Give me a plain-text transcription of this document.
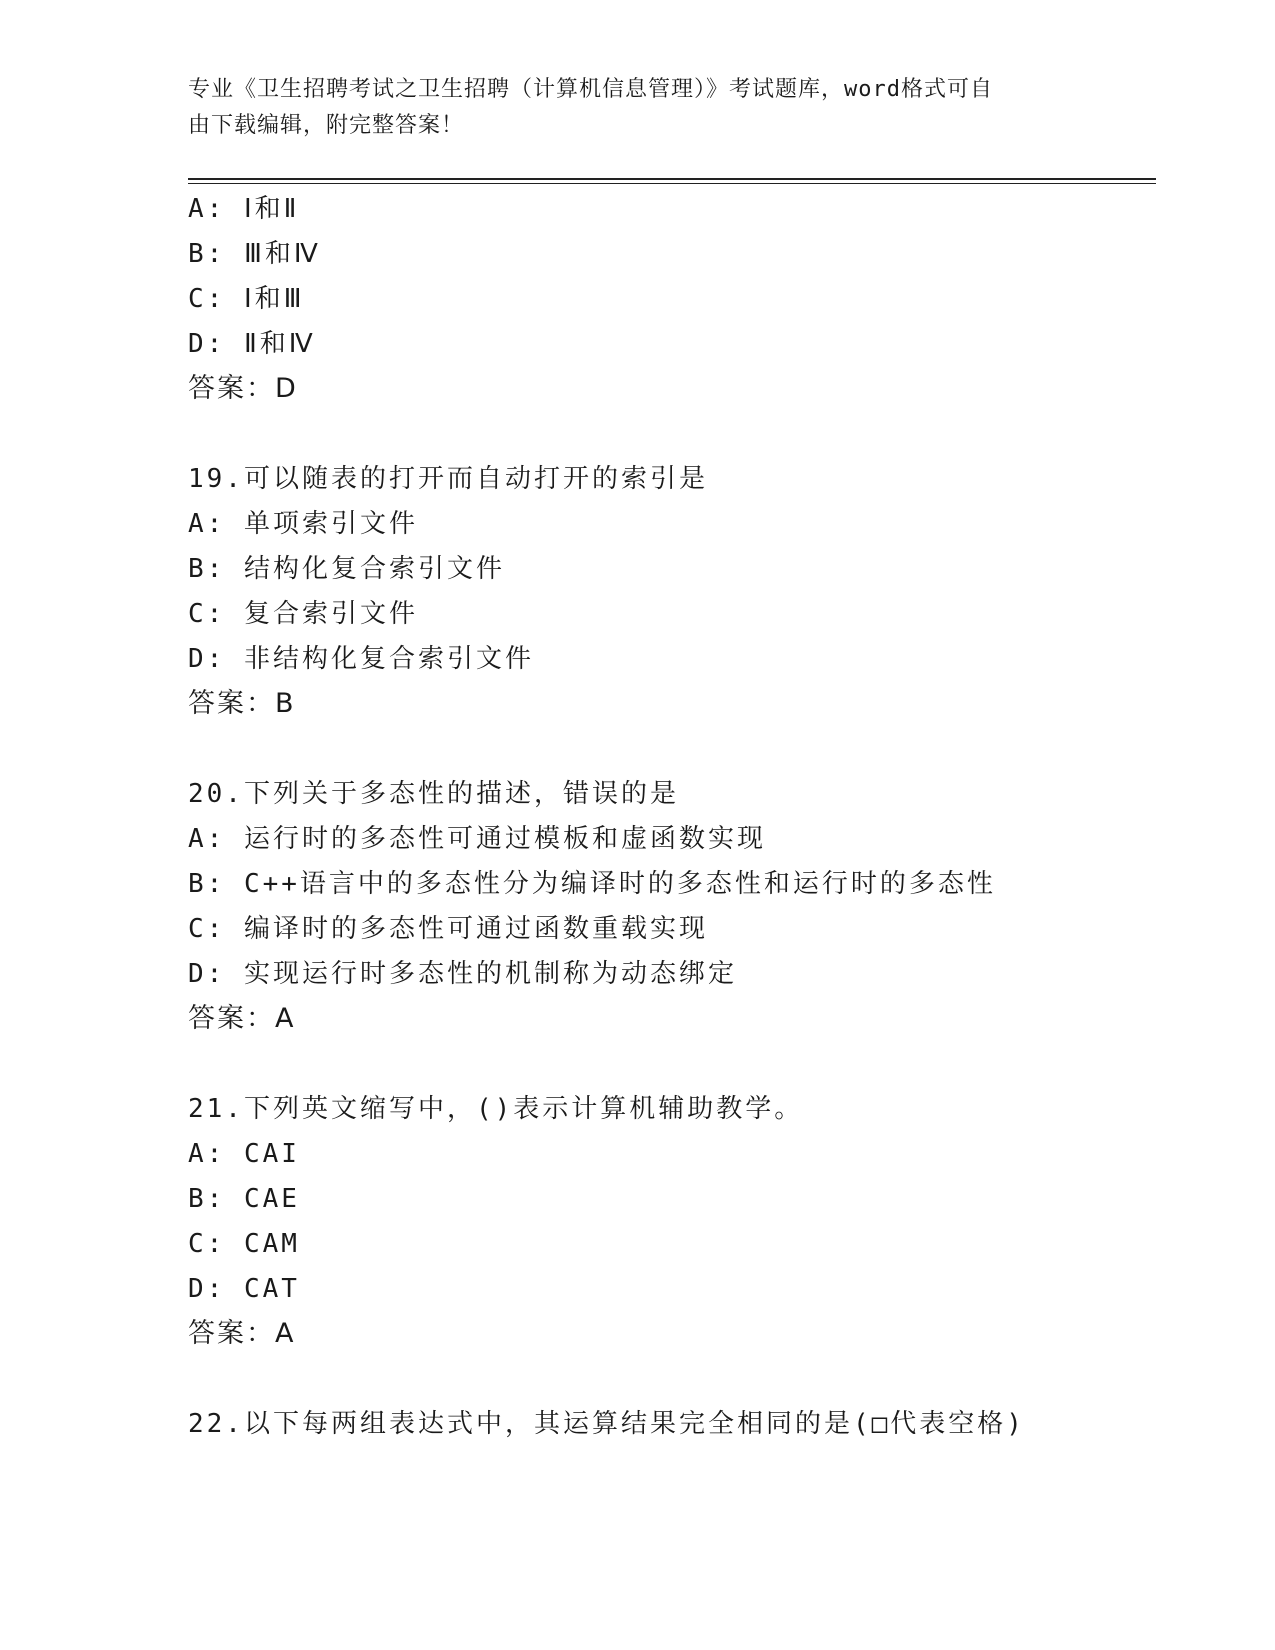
专业《卫生招聘考试之卫生招聘（计算机信息管理）》考试题库，word格式可自
由下载编辑，附完整答案！
A: Ⅰ和Ⅱ
B: Ⅲ和Ⅳ
C: Ⅰ和Ⅲ
D: Ⅱ和Ⅳ
答案：D
19.可以随表的打开而自动打开的索引是
A: 单项索引文件
B: 结构化复合索引文件
C: 复合索引文件
D: 非结构化复合索引文件
答案：B
20.下列关于多态性的描述，错误的是
A: 运行时的多态性可通过模板和虚函数实现
B: C++语言中的多态性分为编译时的多态性和运行时的多态性
C: 编译时的多态性可通过函数重载实现
D: 实现运行时多态性的机制称为动态绑定
答案：A
21.下列英文缩写中，()表示计算机辅助教学。
A: CAI
B: CAE
C: CAM
D: CAT
答案：A
22.以下每两组表达式中，其运算结果完全相同的是(□代表空格)
